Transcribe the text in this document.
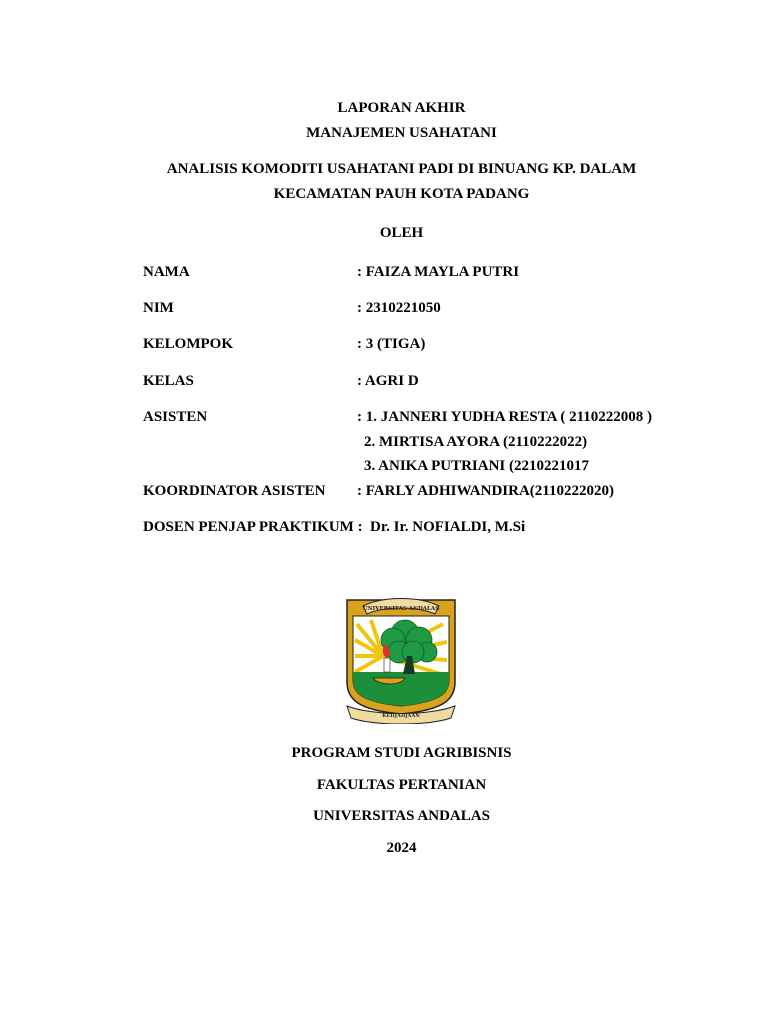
LAPORAN AKHIR
MANAJEMEN USAHATANI
ANALISIS KOMODITI USAHATANI PADI DI BINUANG KP. DALAM
KECAMATAN PAUH KOTA PADANG
OLEH
NAMA	: FAIZA MAYLA PUTRI
NIM	: 2310221050
KELOMPOK	: 3 (TIGA)
KELAS	: AGRI D
ASISTEN	: 1. JANNERI YUDHA RESTA ( 2110222008 )
2. MIRTISA AYORA (2110222022)
3. ANIKA PUTRIANI (2210221017
KOORDINATOR ASISTEN : FARLY ADHIWANDIRA(2110222020)
DOSEN PENJAP PRAKTIKUM : Dr. Ir. NOFIALDI, M.Si
UNIVERSITAS ANDALAS
KEDJADJAAN
PROGRAM STUDI AGRIBISNIS
FAKULTAS PERTANIAN
UNIVERSITAS ANDALAS
2024
